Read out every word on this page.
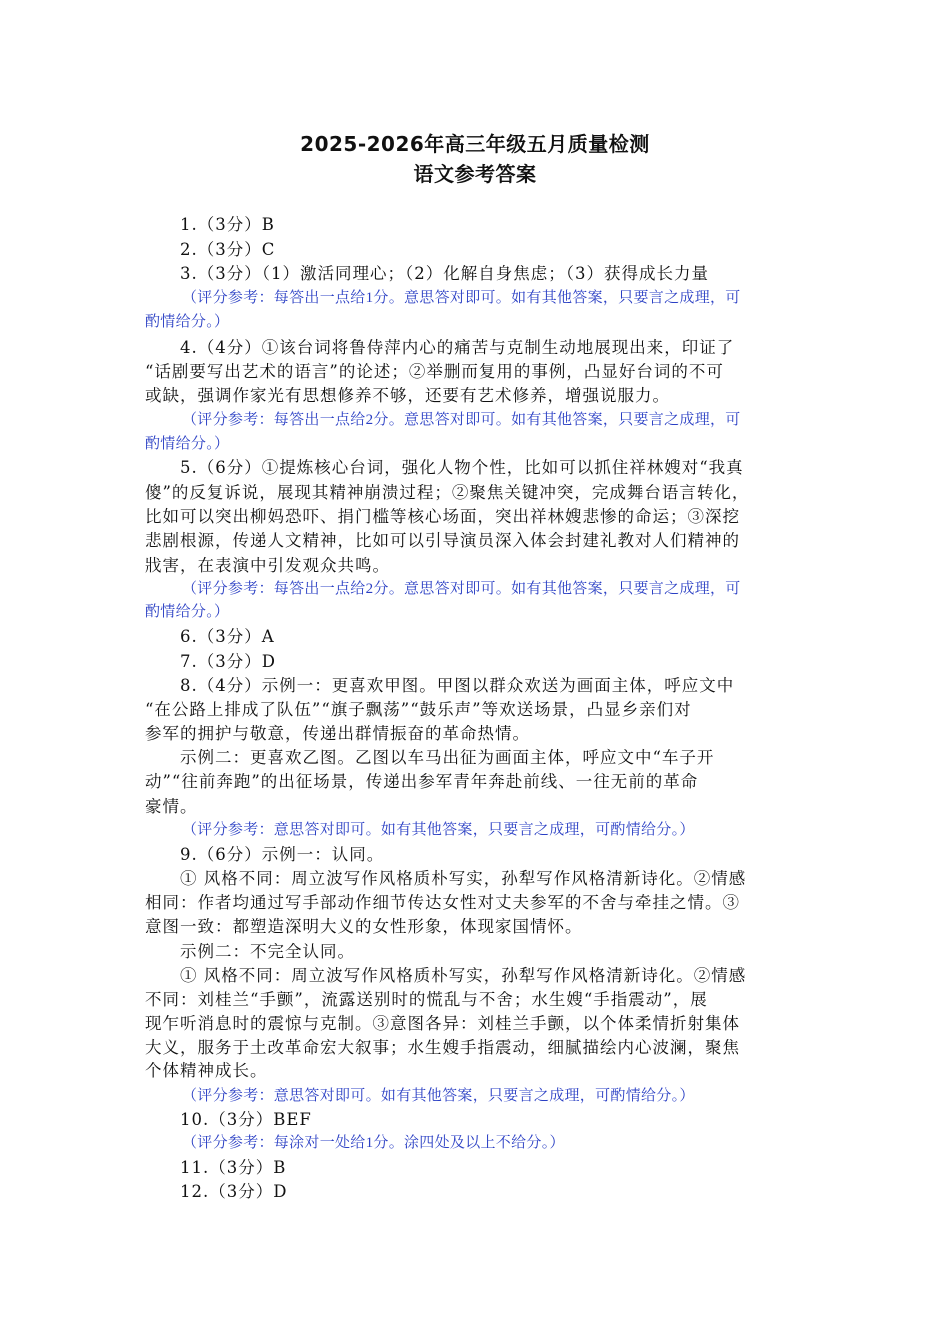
2025-2026年高三年级五月质量检测
语文参考答案
1.（3分）B
2.（3分）C
3.（3分）（1）激活同理心；（2）化解自身焦虑；（3）获得成长力量
（评分参考：每答出一点给1分。意思答对即可。如有其他答案，只要言之成理，可
酌情给分。）
4.（4分）①该台词将鲁侍萍内心的痛苦与克制生动地展现出来，印证了
“话剧要写出艺术的语言”的论述；②举删而复用的事例，凸显好台词的不可
或缺，强调作家光有思想修养不够，还要有艺术修养，增强说服力。
（评分参考：每答出一点给2分。意思答对即可。如有其他答案，只要言之成理，可
酌情给分。）
5.（6分）①提炼核心台词，强化人物个性，比如可以抓住祥林嫂对“我真
傻”的反复诉说，展现其精神崩溃过程；②聚焦关键冲突，完成舞台语言转化，
比如可以突出柳妈恐吓、捐门槛等核心场面，突出祥林嫂悲惨的命运；③深挖
悲剧根源，传递人文精神，比如可以引导演员深入体会封建礼教对人们精神的
戕害，在表演中引发观众共鸣。
（评分参考：每答出一点给2分。意思答对即可。如有其他答案，只要言之成理，可
酌情给分。）
6.（3分）A
7.（3分）D
8.（4分）示例一：更喜欢甲图。甲图以群众欢送为画面主体，呼应文中
“在公路上排成了队伍”“旗子飘荡”“鼓乐声”等欢送场景，凸显乡亲们对
参军的拥护与敬意，传递出群情振奋的革命热情。
示例二：更喜欢乙图。乙图以车马出征为画面主体，呼应文中“车子开
动”“往前奔跑”的出征场景，传递出参军青年奔赴前线、一往无前的革命
豪情。
（评分参考：意思答对即可。如有其他答案，只要言之成理，可酌情给分。）
9.（6分）示例一：认同。
① 风格不同：周立波写作风格质朴写实，孙犁写作风格清新诗化。②情感
相同：作者均通过写手部动作细节传达女性对丈夫参军的不舍与牵挂之情。③
意图一致：都塑造深明大义的女性形象，体现家国情怀。
示例二：不完全认同。
① 风格不同：周立波写作风格质朴写实，孙犁写作风格清新诗化。②情感
不同：刘桂兰“手颤”，流露送别时的慌乱与不舍；水生嫂“手指震动”，展
现乍听消息时的震惊与克制。③意图各异：刘桂兰手颤，以个体柔情折射集体
大义，服务于土改革命宏大叙事；水生嫂手指震动，细腻描绘内心波澜，聚焦
个体精神成长。
（评分参考：意思答对即可。如有其他答案，只要言之成理，可酌情给分。）
10.（3分）BEF
（评分参考：每涂对一处给1分。涂四处及以上不给分。）
11.（3分）B
12.（3分）D
